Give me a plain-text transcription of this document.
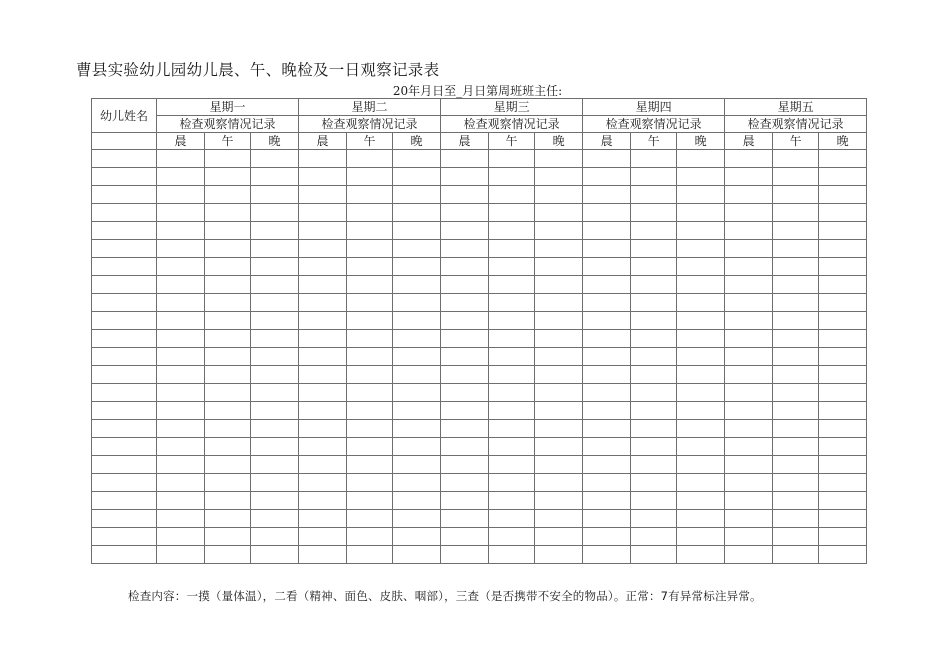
曹县实验幼儿园幼儿晨、午、晚检及一日观察记录表
20年月日至_月日第周班班主任:
幼儿姓名	星期一			星期二			星期三			星期四			星期五		
	检查观察情况记录			检查观察情况记录			检查观察情况记录			检查观察情况记录			检查观察情况记录		
	晨	午	晚	晨	午	晚	晨	午	晚	晨	午	晚	晨	午	晚

检查内容：一摸（量体温），二看（精神、面色、皮肤、咽部），三查（是否携带不安全的物品）。正常：7有异常标注异常。
